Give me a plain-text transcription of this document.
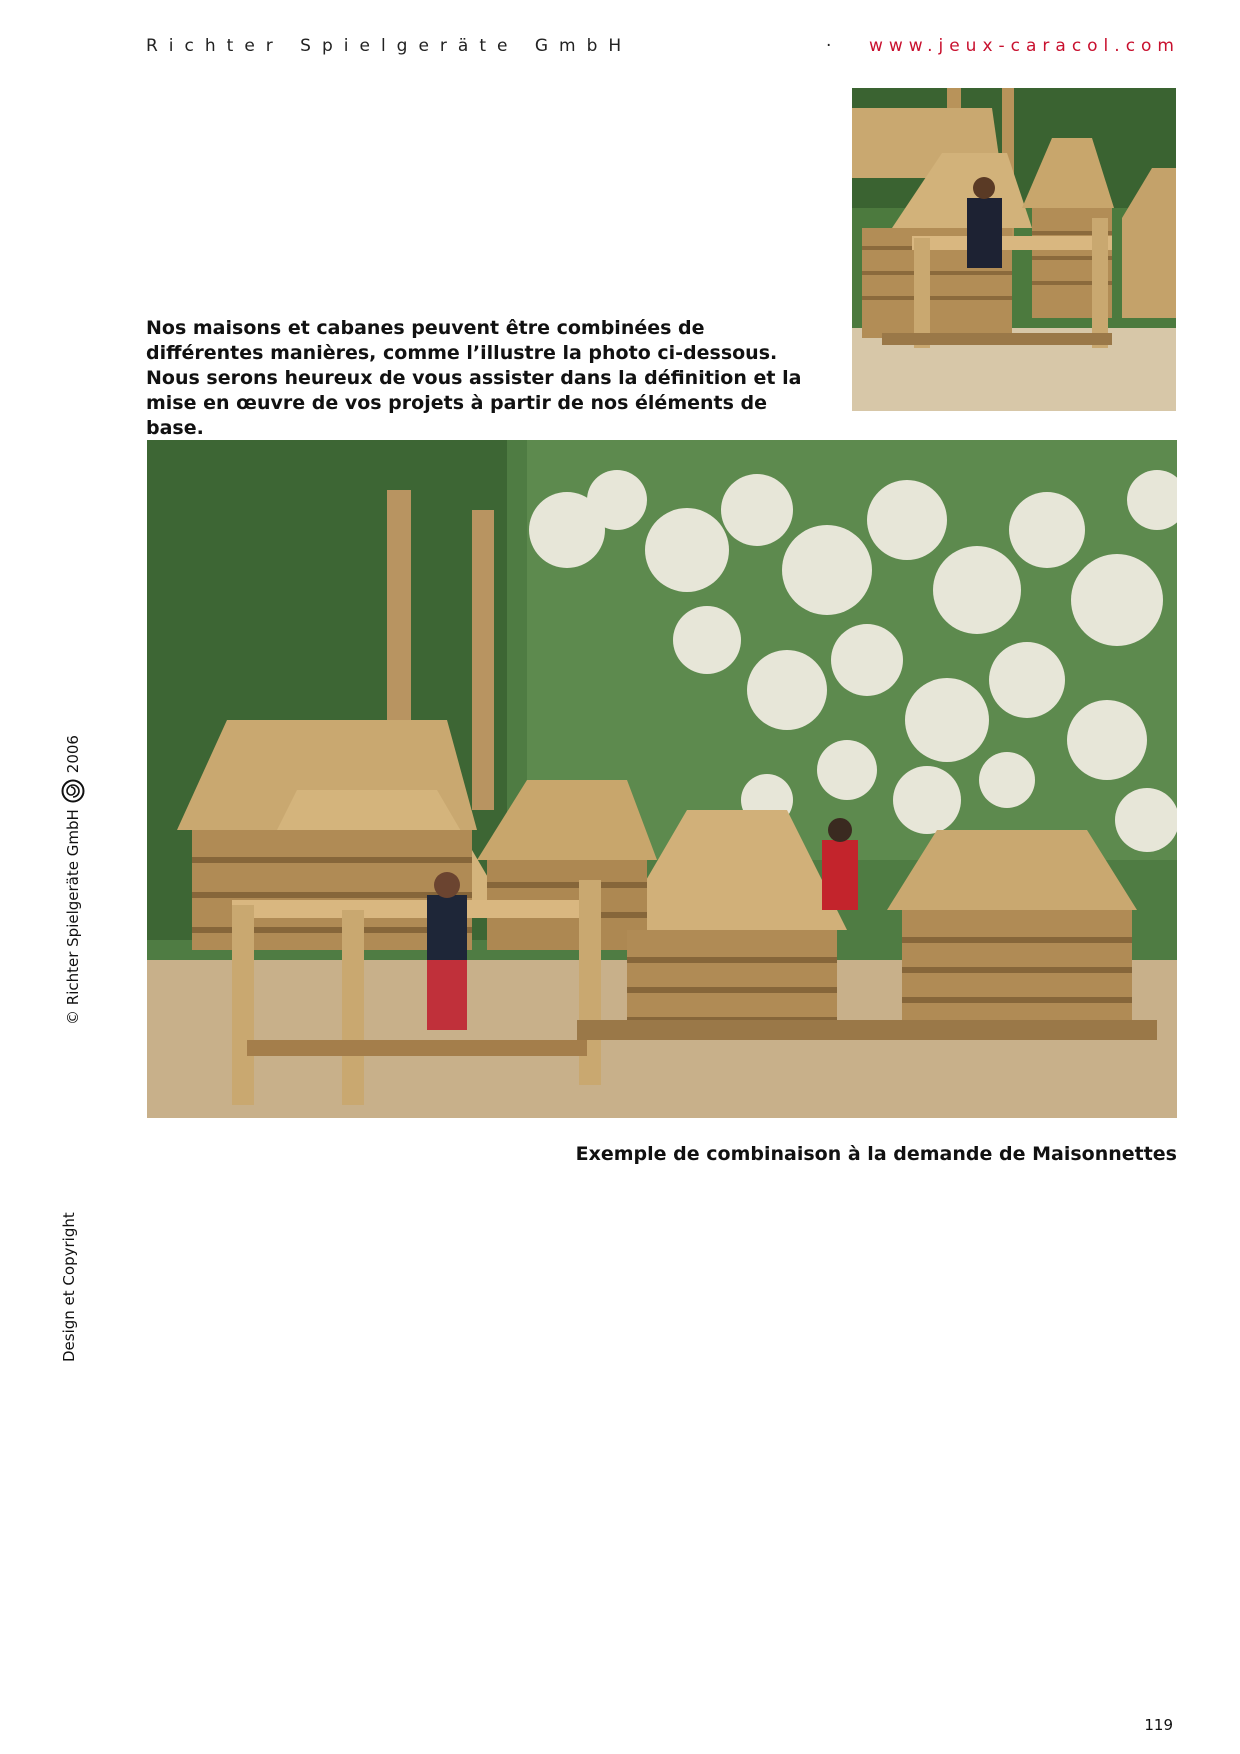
Richter Spielgeräte GmbH	· www.jeux-caracol.com

Nos maisons et cabanes peuvent être combinées de différentes manières, comme l’illustre la photo ci-dessous. Nous serons heureux de vous assister dans la définition et la mise en œuvre de vos projets à partir de nos éléments de base.

Exemple de combinaison à la demande de Maisonnettes
© Richter Spielgeräte GmbH
2006
Design et Copyright
119
